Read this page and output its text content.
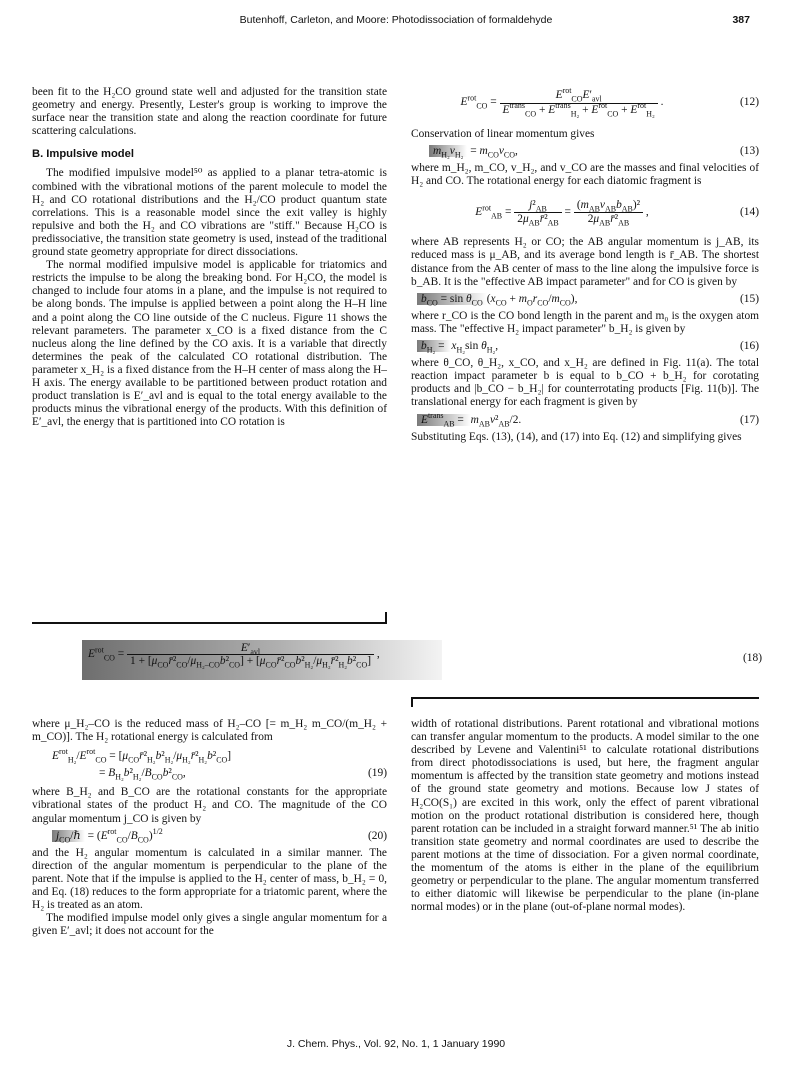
Butenhoff, Carleton, and Moore: Photodissociation of formaldehyde	387

been fit to the H₂CO ground state well and adjusted for the transition state geometry and energy. Presently, Lester's group is working to improve the surface near the transition state and along the reaction coordinate for future scattering calculations.

B. Impulsive model

The modified impulsive model⁵⁰ as applied to a planar tetra-atomic is combined with the vibrational motions of the parent molecule to model the H₂ and CO rotational distributions and the H₂/CO product quantum state correlations. This is a reasonable model since the exit valley is highly repulsive and both the H₂ and CO vibrations are "stiff." Because H₂CO is predissociative, the transition state geometry is used, instead of the traditional ground state geometry appropriate for direct dissociations.

The normal modified impulsive model is applicable for triatomics and restricts the impulse to be along the breaking bond. For H₂CO, the model is changed to include four atoms in a plane, and the impulse is not required to be along bonds. The impulse is applied between a point along the H–H line and a point along the CO line outside of the C nucleus. Figure 11 shows the relevant parameters. The parameter x_CO is a fixed distance from the C nucleus along the line defined by the CO axis. It is a variable that directly determines the peak of the calculated CO rotational distribution. The parameter x_H₂ is a fixed distance from the H–H center of mass along the H–H axis. The energy available to be partitioned between product rotation and product translation is E′_avl and is equal to the total energy available to the products minus the vibrational energy of the products. With this definition of E′_avl, the energy that is partitioned into CO rotation is

$E^{rot}_{CO} = \frac{E^{rot}_{CO}E'_{avl}}{E^{trans}_{CO} + E^{trans}_{H_2} + E^{rot}_{CO} + E^{rot}_{H_2}}$ .	(12)

Conservation of linear momentum gives

$m_{H_2}v_{H_2} = m_{CO}v_{CO}$,	(13)

where m_H₂, m_CO, v_H₂, and v_CO are the masses and final velocities of H₂ and CO. The rotational energy for each diatomic fragment is

$E^{rot}_{AB} = \frac{j^2_{AB}}{2\mu_{AB}r̄^2_{AB}} = \frac{(m_{AB}v_{AB}b_{AB})^2}{2\mu_{AB}r̄^2_{AB}}$ ,	(14)

where AB represents H₂ or CO; the AB angular momentum is j_AB, its reduced mass is μ_AB, and its average bond length is r̄_AB. The shortest distance from the AB center of mass to the line along the impulsive force is b_AB. It is the "effective AB impact parameter" and for CO is given by

$b_{CO} = \sin \theta_{CO}$ $(x_{CO} + m_Or_{CO}/m_{CO})$,	(15)

where r_CO is the CO bond length in the parent and m₀ is the oxygen atom mass. The "effective H₂ impact parameter" b_H₂ is given by

$b_{H_2} = x_{H_2}\sin$ $\theta_{H_2}$,	(16)

where θ_CO, θ_H₂, x_CO, and x_H₂ are defined in Fig. 11(a). The total reaction impact parameter b is equal to b_CO + b_H₂ for corotating products and |b_CO − b_H₂| for counterrotating products [Fig. 11(b)]. The translational energy for each fragment is given by

$E^{trans}_{AB} = m_{AB}v^2_{AB}/2$.	(17)

Substituting Eqs. (13), (14), and (17) into Eq. (12) and simplifying gives

$E^{rot}_{CO} = \frac{E'_{avl}}{1 + [\mu_{CO}r̄^2_{CO}/\mu_{H_2-CO}b^2_{CO}] + [\mu_{CO}r̄^2_{CO}b^2_{H_2}/\mu_{H_2}r̄^2_{H_2}b^2_{CO}]}$ ,	(18)

where μ_H₂–CO is the reduced mass of H₂–CO [= m_H₂ m_CO/(m_H₂ + m_CO)]. The H₂ rotational energy is calculated from

$E^{rot}_{H_2}/E^{rot}_{CO}$ = $[\mu_{CO}r̄^2_{H_2}b^2_{H_2}/\mu_{H_2}r̄^2_{H_2}b^2_{CO}]$
= $B_{H_2}b^2_{H_2}/B_{CO}b^2_{CO}$,	(19)

where B_H₂ and B_CO are the rotational constants for the appropriate vibrational states of the product H₂ and CO. The magnitude of the CO angular momentum j_CO is given by

$j_{CO}/\hbar = (E^{rot}_{CO}/B_{CO})^{1/2}$	(20)

and the H₂ angular momentum is calculated in a similar manner. The direction of the angular momentum is perpendicular to the plane of the parent. Note that if the impulse is applied to the H₂ center of mass, b_H₂ = 0, and Eq. (18) reduces to the form appropriate for a triatomic parent, where the H₂ is treated as an atom.

The modified impulse model only gives a single angular momentum for a given E′_avl; it does not account for the

width of rotational distributions. Parent rotational and vibrational motions can transfer angular momentum to the products. A model similar to the one described by Levene and Valentini⁵¹ to calculate rotational distributions from direct photodissociations is used, but here, the fragment angular momentum is affected by the transition state geometry and motions instead of the ground state geometry and motions. Because low J states of H₂CO(S₁) are excited in this work, only the effect of parent vibrational motion on the product rotational distribution is considered here, though parent rotation can be included in a straight forward manner.⁵¹ The ab initio transition state geometry and normal coordinates are used to describe the parent motions at the time of dissociation. For a given normal coordinate, the momentum of the atoms is either in the plane of the equilibrium geometry or perpendicular to the plane. The angular momentum transferred to either diatomic will likewise be perpendicular to the plane (in-plane normal modes) or in the plane (out-of-plane normal modes).

J. Chem. Phys., Vol. 92, No. 1, 1 January 1990
